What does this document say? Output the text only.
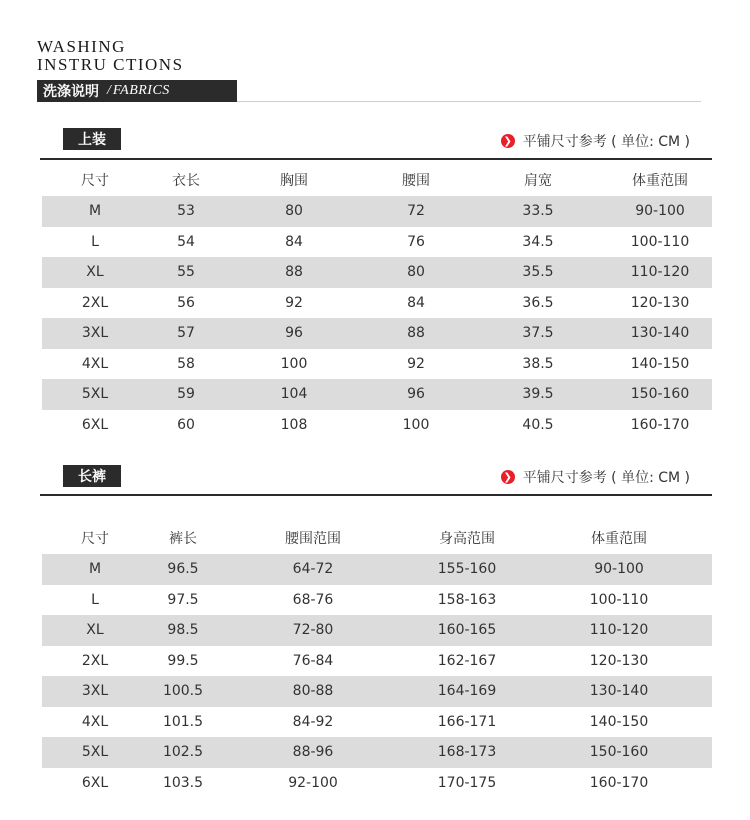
WASHING
INSTRU CTIONS
洗涤说明 / FABRICS
上装	❯ 平铺尺寸参考 ( 单位: CM )
尺寸	衣长	胸围	腰围	肩宽	体重范围
M	53	80	72	33.5	90-100
L	54	84	76	34.5	100-110
XL	55	88	80	35.5	110-120
2XL	56	92	84	36.5	120-130
3XL	57	96	88	37.5	130-140
4XL	58	100	92	38.5	140-150
5XL	59	104	96	39.5	150-160
6XL	60	108	100	40.5	160-170
长裤	❯ 平铺尺寸参考 ( 单位: CM )
尺寸	裤长	腰围范围	身高范围	体重范围
M	96.5	64-72	155-160	90-100
L	97.5	68-76	158-163	100-110
XL	98.5	72-80	160-165	110-120
2XL	99.5	76-84	162-167	120-130
3XL	100.5	80-88	164-169	130-140
4XL	101.5	84-92	166-171	140-150
5XL	102.5	88-96	168-173	150-160
6XL	103.5	92-100	170-175	160-170
